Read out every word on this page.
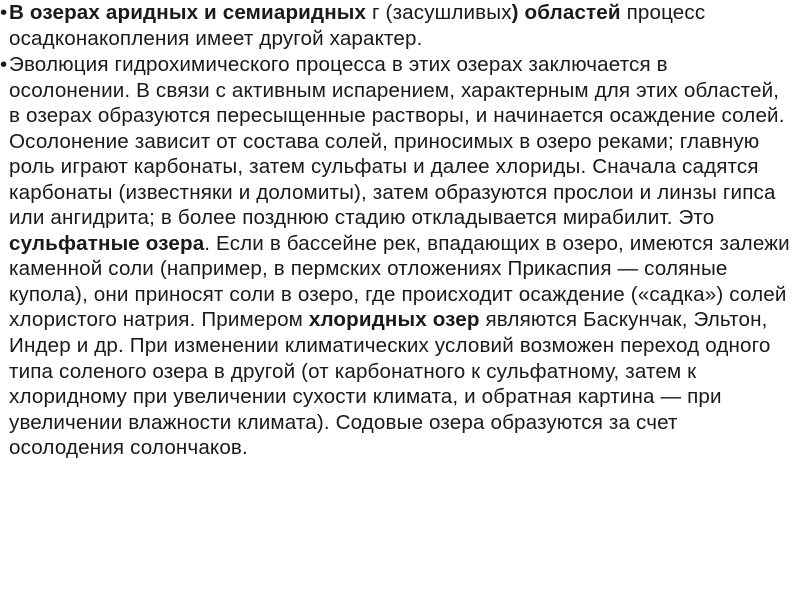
• В озерах аридных и семиаридных г (засушливых) областей процесс осадконакопления имеет другой характер.
• Эволюция гидрохимического процесса в этих озерах заключается в осолонении. В связи с активным испарением, характерным для этих областей, в озерах образуются пересыщенные растворы, и начинается осаждение солей. Осолонение зависит от состава солей, приносимых в озеро реками; главную роль играют карбонаты, затем сульфаты и далее хлориды. Сначала садятся карбонаты (известняки и доломиты), затем образуются прослои и линзы гипса или ангидрита; в более позднюю стадию откладывается мирабилит. Это сульфатные озера. Если в бассейне рек, впадающих в озеро, имеются залежи каменной соли (например, в пермских отложениях Прикаспия — соляные купола), они приносят соли в озеро, где происходит осаждение («садка») солей хлористого натрия. Примером хлоридных озер являются Баскунчак, Эльтон, Индер и др. При изменении климатических условий возможен переход одного типа соленого озера в другой (от карбонатного к сульфатному, затем к хлоридному при увеличении сухости климата, и обратная картина — при увеличении влажности климата). Содовые озера образуются за счет осолодения солончаков.
